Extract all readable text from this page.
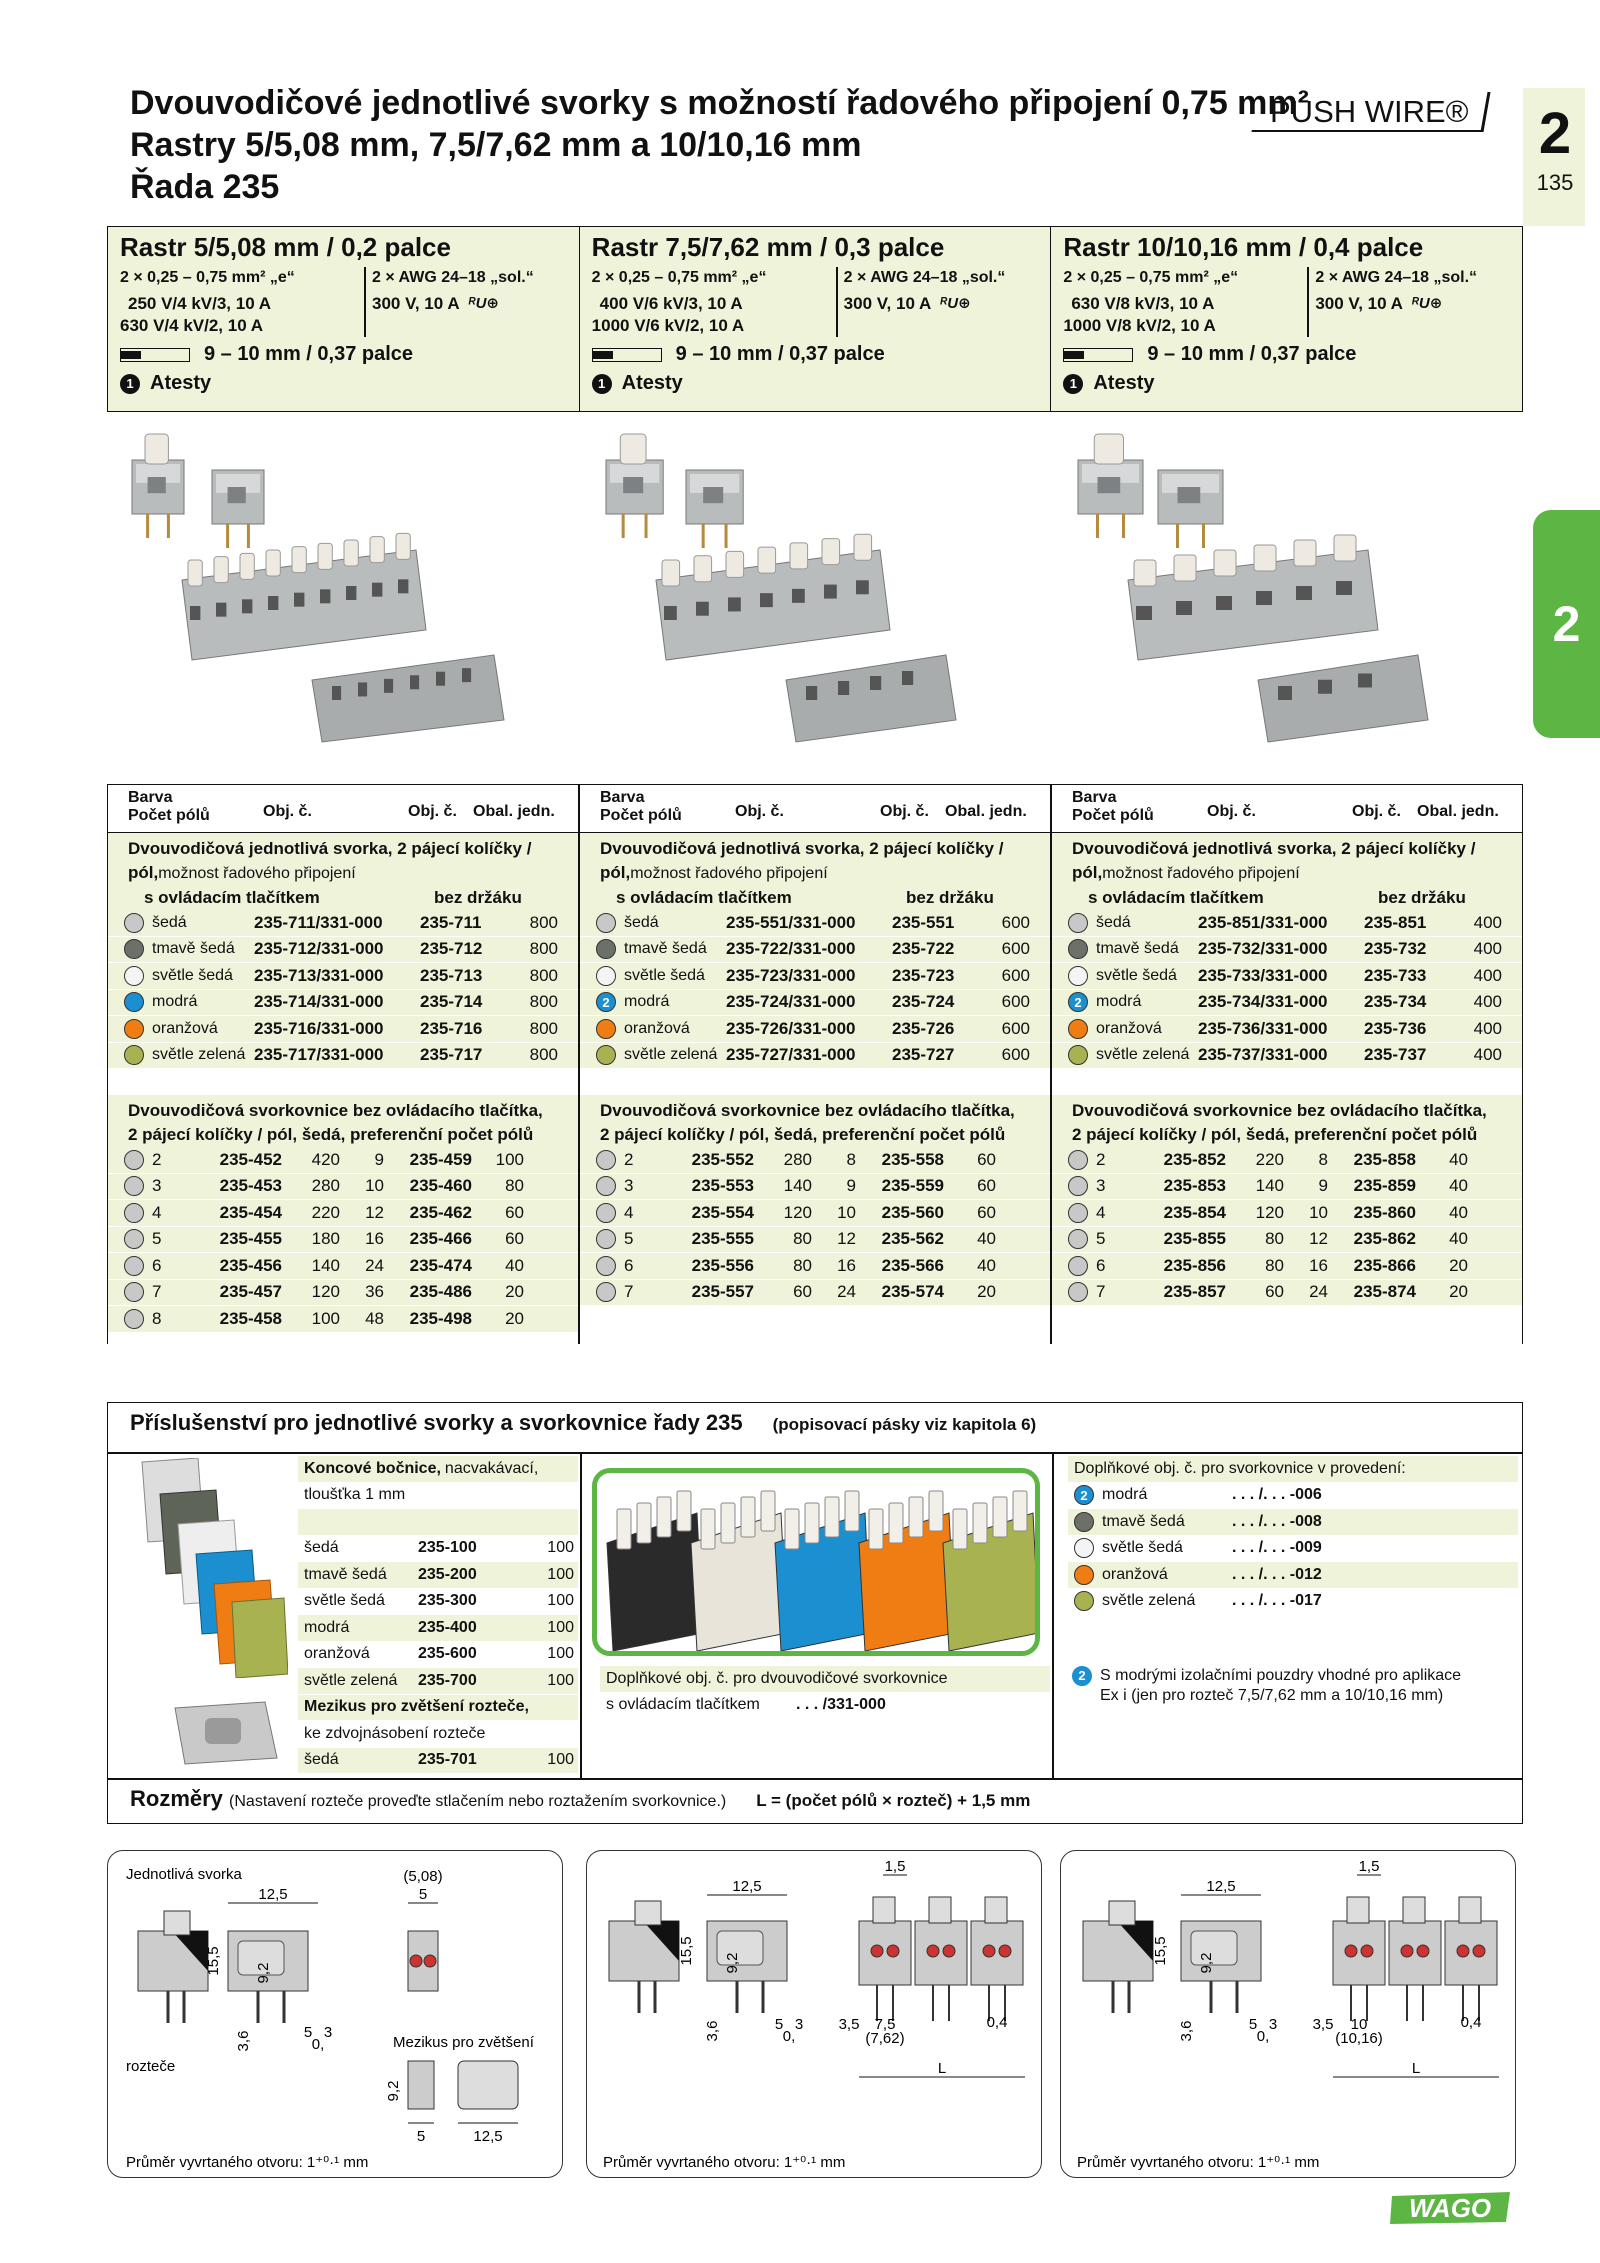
Dvouvodičové jednotlivé svorky s možností řadového připojení 0,75 mm²
Rastry 5/5,08 mm, 7,5/7,62 mm a 10/10,16 mm
Řada 235
PUSH WIRE®	2
135
2
Rastr 5/5,08 mm / 0,2 palce
2 × 0,25 – 0,75 mm² „e“
250 V/4 kV/3, 10 A
630 V/4 kV/2, 10 A
2 × AWG 24–18 „sol.“
300 V, 10 A ᴿU⊕
9 – 10 mm / 0,37 palce
1 Atesty
Rastr 7,5/7,62 mm / 0,3 palce
2 × 0,25 – 0,75 mm² „e“
400 V/6 kV/3, 10 A
1000 V/6 kV/2, 10 A
2 × AWG 24–18 „sol.“
300 V, 10 A ᴿU⊕
9 – 10 mm / 0,37 palce
1 Atesty
Rastr 10/10,16 mm / 0,4 palce
2 × 0,25 – 0,75 mm² „e“
630 V/8 kV/3, 10 A
1000 V/8 kV/2, 10 A
2 × AWG 24–18 „sol.“
300 V, 10 A ᴿU⊕
9 – 10 mm / 0,37 palce
1 Atesty
Barva
Počet pólů	Obj. č.	Obj. č. Obal. jedn.
Dvouvodičová jednotlivá svorka, 2 pájecí kolíčky /
pól,možnost řadového připojení
s ovládacím tlačítkem	bez držáku
šedá	235-711/331-000	235-711	800
tmavě šedá	235-712/331-000	235-712	800
světle šedá	235-713/331-000	235-713	800
modrá	235-714/331-000	235-714	800
oranžová	235-716/331-000	235-716	800
světle zelená 235-717/331-000	235-717	800
Dvouvodičová svorkovnice bez ovládacího tlačítka,
2 pájecí kolíčky / pól, šedá, preferenční počet pólů
2	235-452	420	9	235-459	100
3	235-453	280	10	235-460	80
4	235-454	220	12	235-462	60
5	235-455	180	16	235-466	60
6	235-456	140	24	235-474	40
7	235-457	120	36	235-486	20
8	235-458	100	48	235-498	20
Barva
Počet pólů	Obj. č.	Obj. č. Obal. jedn.
Dvouvodičová jednotlivá svorka, 2 pájecí kolíčky /
pól,možnost řadového připojení
s ovládacím tlačítkem	bez držáku
šedá	235-551/331-000	235-551	600
tmavě šedá	235-722/331-000	235-722	600
světle šedá	235-723/331-000	235-723	600
2 modrá	235-724/331-000	235-724	600
oranžová	235-726/331-000	235-726	600
světle zelená 235-727/331-000	235-727	600
Dvouvodičová svorkovnice bez ovládacího tlačítka,
2 pájecí kolíčky / pól, šedá, preferenční počet pólů
2	235-552	280	8	235-558	60
3	235-553	140	9	235-559	60
4	235-554	120	10	235-560	60
5	235-555	80	12	235-562	40
6	235-556	80	16	235-566	40
7	235-557	60	24	235-574	20
Barva
Počet pólů	Obj. č.	Obj. č. Obal. jedn.
Dvouvodičová jednotlivá svorka, 2 pájecí kolíčky /
pól,možnost řadového připojení
s ovládacím tlačítkem	bez držáku
šedá	235-851/331-000	235-851	400
tmavě šedá	235-732/331-000	235-732	400
světle šedá	235-733/331-000	235-733	400
2 modrá	235-734/331-000	235-734	400
oranžová	235-736/331-000	235-736	400
světle zelená 235-737/331-000	235-737	400
Dvouvodičová svorkovnice bez ovládacího tlačítka,
2 pájecí kolíčky / pól, šedá, preferenční počet pólů
2	235-852	220	8	235-858	40
3	235-853	140	9	235-859	40
4	235-854	120	10	235-860	40
5	235-855	80	12	235-862	40
6	235-856	80	16	235-866	20
7	235-857	60	24	235-874	20
Příslušenství pro jednotlivé svorky a svorkovnice řady 235 (popisovací pásky viz kapitola 6)
Koncové bočnice, nacvakávací,
tloušťka 1 mm
šedá	235-100	100
tmavě šedá	235-200	100
světle šedá	235-300	100
modrá	235-400	100
oranžová	235-600	100
světle zelená	235-700	100
Mezikus pro zvětšení rozteče,
ke zdvojnásobení rozteče
šedá	235-701	100
Doplňkové obj. č. pro dvouvodičové svorkovnice
s ovládacím tlačítkem	. . . /331-000
Doplňkové obj. č. pro svorkovnice v provedení:
2 modrá	. . . /. . . -006
tmavě šedá	. . . /. . . -008
světle šedá	. . . /. . . -009
oranžová	. . . /. . . -012
světle zelená	. . . /. . . -017
2 S modrými izolačními pouzdry vhodné pro aplikace Ex i (jen pro rozteč 7,5/7,62 mm a 10/10,16 mm)
Rozměry (Nastavení rozteče proveďte stlačením nebo roztažením svorkovnice.) L = (počet pólů × rozteč) + 1,5 mm
Jednotlivá svorka
12,5	5
(5,08)
15,5 9,2
3,6	5 3
0,	Mezikus pro zvětšení
rozteče
9,2
5	12,5
Průměr vyvrtaného otvoru: 1⁺⁰·¹ mm
12,5
1,5
15,5 9,2
3,6	5 3
0,
3,5 7,5
(7,62)
0,4
L
Průměr vyvrtaného otvoru: 1⁺⁰·¹ mm
12,5
1,5
15,5 9,2
3,6	5 3
0,
3,5 10
(10,16)
0,4
L
Průměr vyvrtaného otvoru: 1⁺⁰·¹ mm
WAGO
